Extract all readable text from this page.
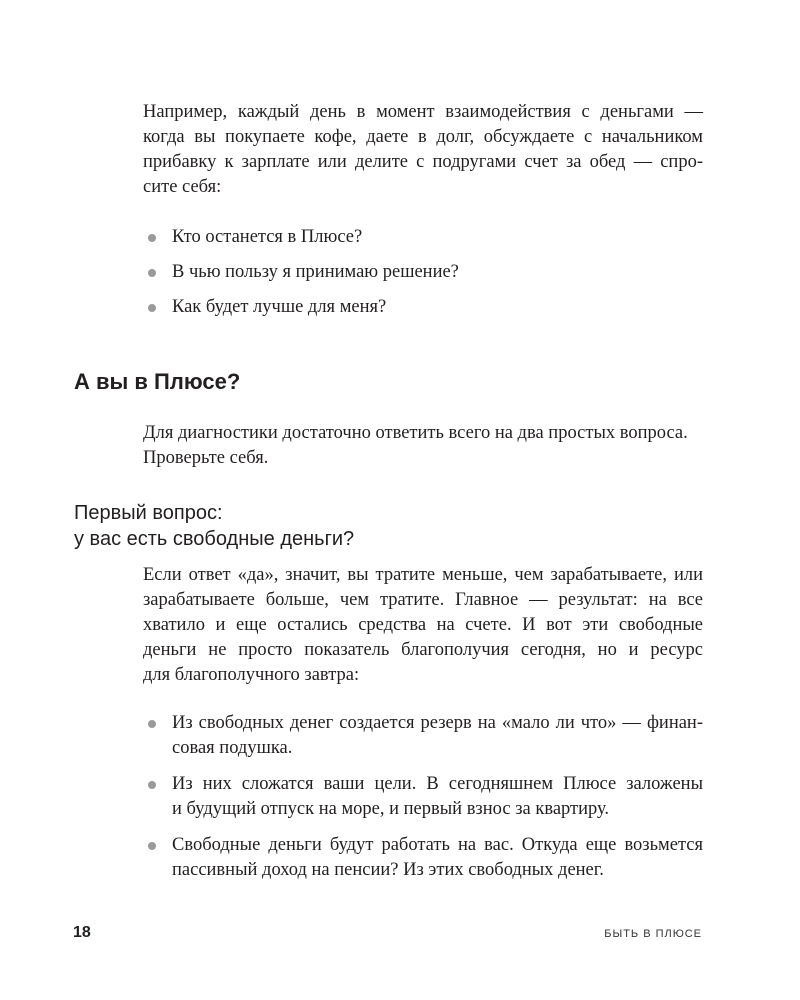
Например, каждый день в момент взаимодействия с деньгами —
когда вы покупаете кофе, даете в долг, обсуждаете с начальником
прибавку к зарплате или делите с подругами счет за обед — спро-
сите себя:
Кто останется в Плюсе?
В чью пользу я принимаю решение?
Как будет лучше для меня?
А вы в Плюсе?
Для диагностики достаточно ответить всего на два простых вопроса.
Проверьте себя.
Первый вопрос:
у вас есть свободные деньги?
Если ответ «да», значит, вы тратите меньше, чем зарабатываете, или
зарабатываете больше, чем тратите. Главное — результат: на все
хватило и еще остались средства на счете. И вот эти свободные
деньги не просто показатель благополучия сегодня, но и ресурс
для благополучного завтра:
Из свободных денег создается резерв на «мало ли что» — финан-
совая подушка.
Из них сложатся ваши цели. В сегодняшнем Плюсе заложены
и будущий отпуск на море, и первый взнос за квартиру.
Свободные деньги будут работать на вас. Откуда еще возьмется
пассивный доход на пенсии? Из этих свободных денег.
18	БЫТЬ В ПЛЮСЕ
